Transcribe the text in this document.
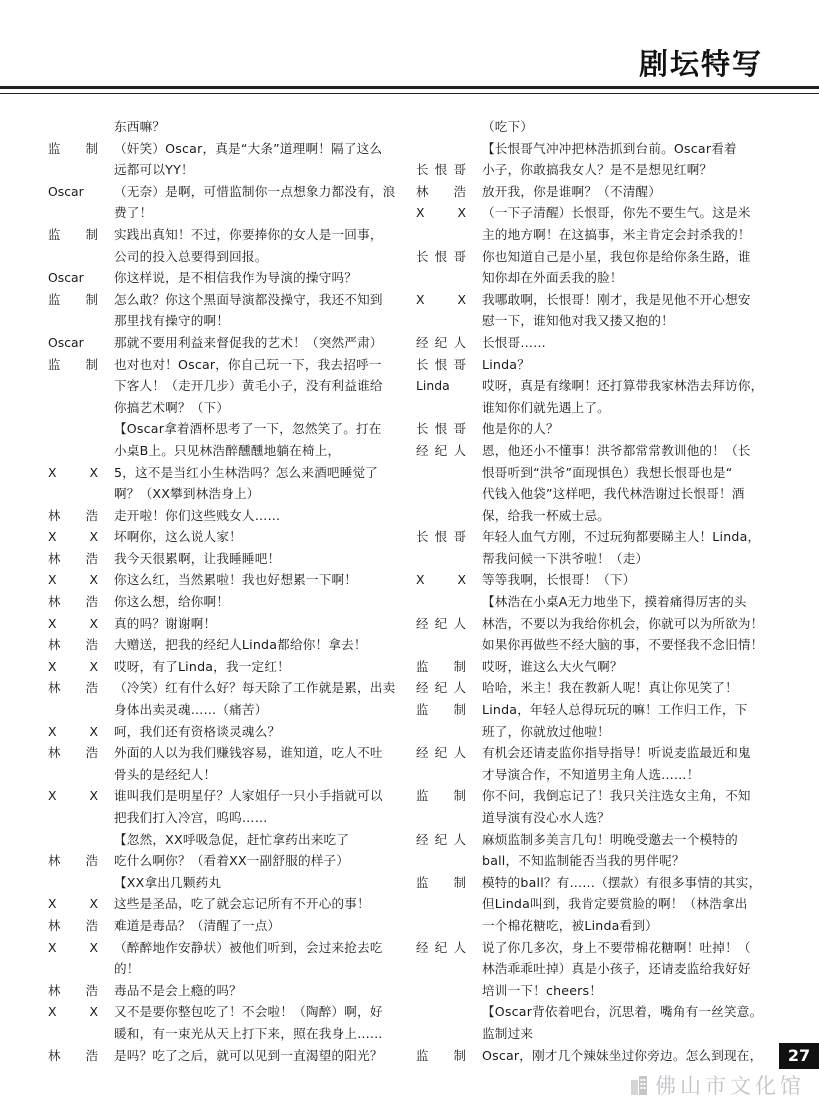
剧坛特写
东西嘛？
监 制 （奸笑）Oscar，真是“大条”道理啊！隔了这么
远都可以YY！
Oscar	（无奈）是啊，可惜监制你一点想象力都没有，浪
费了！
监 制 实践出真知！不过，你要捧你的女人是一回事，
公司的投入总要得到回报。
Oscar	你这样说，是不相信我作为导演的操守吗？
监 制 怎么敢？你这个黑面导演都没操守，我还不知到
那里找有操守的啊！
Oscar	那就不要用利益来督促我的艺术！（突然严肃）
监 制 也对也对！Oscar，你自己玩一下，我去招呼一
下客人！（走开几步）黄毛小子，没有利益谁给
你搞艺术啊？（下）
【Oscar拿着酒杯思考了一下，忽然笑了。打在
小桌B上。只见林浩醉醺醺地躺在椅上，
X X 5，这不是当红小生林浩吗？怎么来酒吧睡觉了
啊？（XX攀到林浩身上）
林 浩 走开啦！你们这些贱女人……
X X 坏啊你，这么说人家！
林 浩 我今天很累啊，让我睡睡吧！
X X 你这么红，当然累啦！我也好想累一下啊！
林 浩 你这么想，给你啊！
X X 真的吗？谢谢啊！
林 浩 大赠送，把我的经纪人Linda都给你！拿去！
X X 哎呀，有了Linda，我一定红！
林 浩 （冷笑）红有什么好？每天除了工作就是累，出卖
身体出卖灵魂……（痛苦）
X X 呵，我们还有资格谈灵魂么？
林 浩 外面的人以为我们赚钱容易，谁知道，吃人不吐
骨头的是经纪人！
X X 谁叫我们是明星仔？人家姐仔一只小手指就可以
把我们打入冷宫，呜呜……
【忽然，XX呼吸急促，赶忙拿药出来吃了
林 浩 吃什么啊你？（看着XX一副舒服的样子）
【XX拿出几颗药丸
X X 这些是圣品，吃了就会忘记所有不开心的事！
林 浩 难道是毒品？（清醒了一点）
X X （醉醉地作安静状）被他们听到，会过来抢去吃
的！
林 浩 毒品不是会上瘾的吗？
X X 又不是要你整包吃了！不会啦！（陶醉）啊，好
暖和，有一束光从天上打下来，照在我身上……
林 浩 是吗？吃了之后，就可以见到一直渴望的阳光？
（吃下）
【长恨哥气冲冲把林浩抓到台前。Oscar看着
长恨哥 小子，你敢搞我女人？是不是想见红啊？
林 浩 放开我，你是谁啊？（不清醒）
X X （一下子清醒）长恨哥，你先不要生气。这是米
主的地方啊！在这搞事，米主肯定会封杀我的！
长恨哥 你也知道自己是小星，我包你是给你条生路，谁
知你却在外面丢我的脸！
X X 我哪敢啊，长恨哥！刚才，我是见他不开心想安
慰一下，谁知他对我又搂又抱的！
经纪人 长恨哥……
长恨哥 Linda？
Linda	哎呀，真是有缘啊！还打算带我家林浩去拜访你，
谁知你们就先遇上了。
长恨哥 他是你的人？
经纪人 恩，他还小不懂事！洪爷都常常教训他的！（长
恨哥听到“洪爷”面现惧色）我想长恨哥也是“
代钱入他袋”这样吧，我代林浩谢过长恨哥！酒
保，给我一杯威士忌。
长恨哥 年轻人血气方刚，不过玩狗都要睇主人！Linda，
帮我问候一下洪爷啦！（走）
X X 等等我啊，长恨哥！（下）
【林浩在小桌A无力地坐下，摸着痛得厉害的头
经纪人 林浩，不要以为我给你机会，你就可以为所欲为！
如果你再做些不经大脑的事，不要怪我不念旧情！
监 制 哎呀，谁这么大火气啊？
经纪人 哈哈，米主！我在教新人呢！真让你见笑了！
监 制 Linda，年轻人总得玩玩的嘛！工作归工作，下
班了，你就放过他啦！
经纪人 有机会还请麦监你指导指导！听说麦监最近和鬼
才导演合作，不知道男主角人选……！
监 制 你不问，我倒忘记了！我只关注选女主角，不知
道导演有没心水人选？
经纪人 麻烦监制多美言几句！明晚受邀去一个模特的
ball，不知监制能否当我的男伴呢？
监 制 模特的ball？有……（摆款）有很多事情的其实，
但Linda叫到，我肯定要赏脸的啊！（林浩拿出
一个棉花糖吃，被Linda看到）
经纪人 说了你几多次，身上不要带棉花糖啊！吐掉！（
林浩乖乖吐掉）真是小孩子，还请麦监给我好好
培训一下！cheers！
【Oscar背依着吧台，沉思着，嘴角有一丝笑意。
监制过来
监 制 Oscar，刚才几个辣妹坐过你旁边。怎么到现在，	27
佛山市文化馆
